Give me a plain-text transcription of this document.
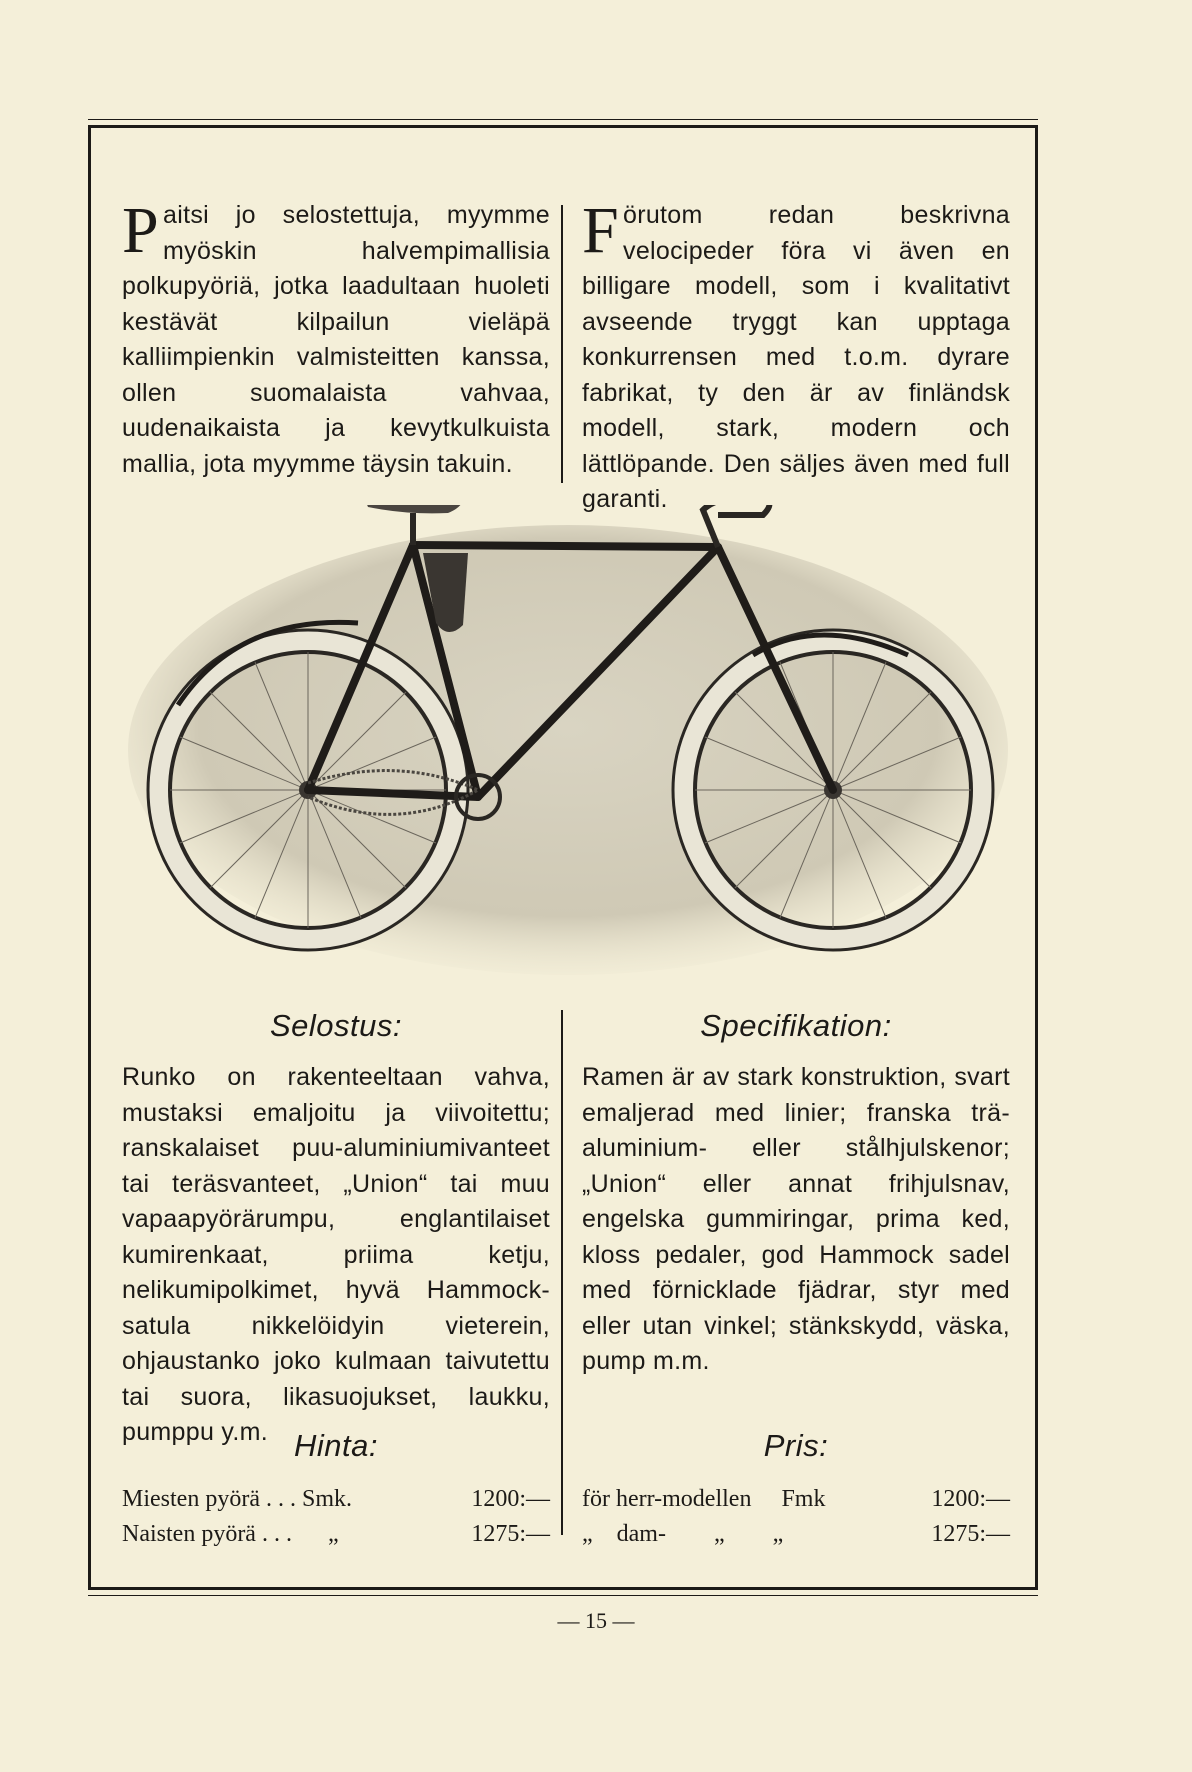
Paitsi jo selostettuja, myymme myöskin halvempimallisia polkupyöriä, jotka laadultaan huoleti kestävät kilpailun vieläpä kalliimpienkin valmisteitten kanssa, ollen suomalaista vahvaa, uudenaikaista ja kevytkulkuista mallia, jota myymme täysin takuin.

Förutom redan beskrivna velocipeder föra vi även en billigare modell, som i kvalitativt avseende tryggt kan upptaga konkurrensen med t.o.m. dyrare fabrikat, ty den är av finländsk modell, stark, modern och lättlöpande. Den säljes även med full garanti.

Selostus:	Specifikation:

Runko on rakenteeltaan vahva, mustaksi emaljoitu ja viivoitettu; ranskalaiset puu-aluminiumivanteet tai teräsvanteet, „Union“ tai muu vapaapyörärumpu, englantilaiset kumirenkaat, priima ketju, nelikumipolkimet, hyvä Hammock-satula nikkelöidyin vieterein, ohjaustanko joko kulmaan taivutettu tai suora, likasuojukset, laukku, pumppu y.m.

Ramen är av stark konstruktion, svart emaljerad med linier; franska trä-aluminium- eller stålhjulskenor; „Union“ eller annat frihjulsnav, engelska gummiringar, prima ked, kloss pedaler, god Hammock sadel med förnicklade fjädrar, styr med eller utan vinkel; stänkskydd, väska, pump m.m.

Hinta:	Pris:
Miesten pyörä . . . Smk.	1200:—
Naisten pyörä . . .      „	1275:—
för herr-modellen     Fmk	1200:—
„    dam-        „        „	1275:—
— 15 —
